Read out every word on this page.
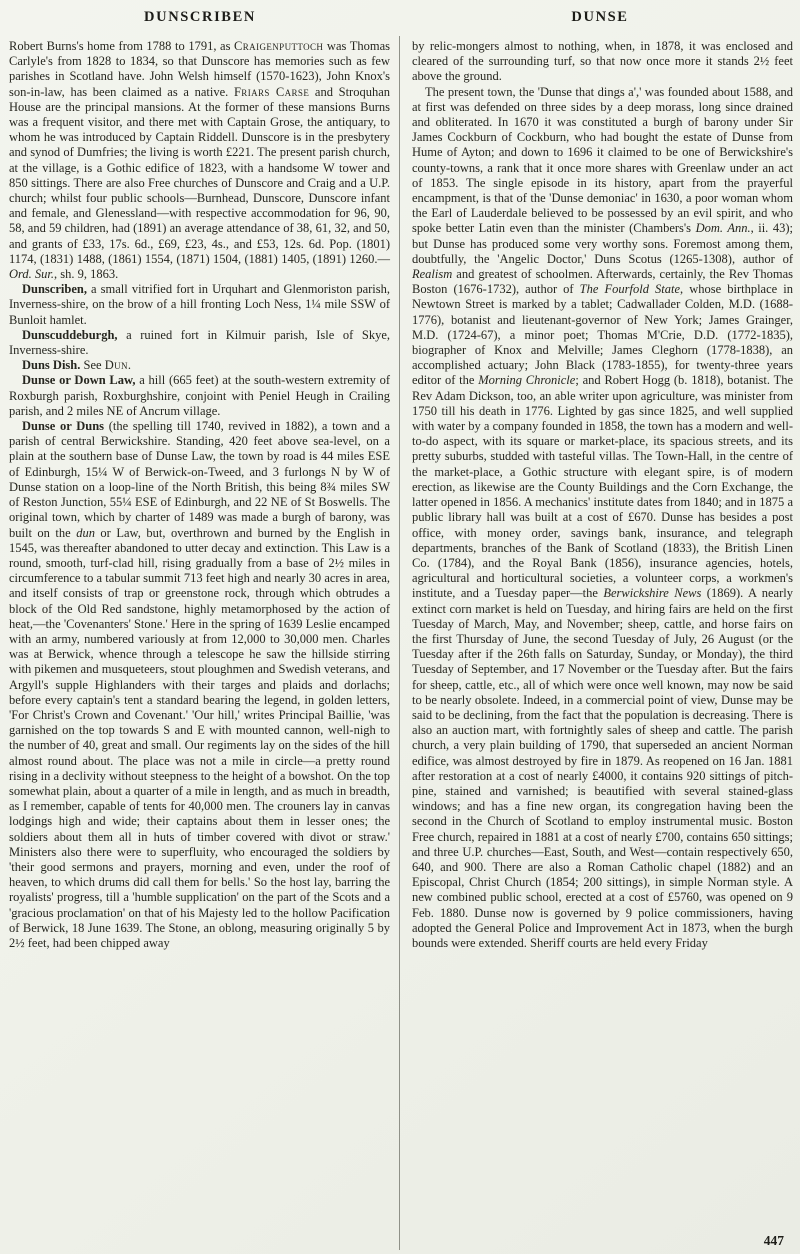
DUNSCRIBEN	DUNSE

Robert Burns's home from 1788 to 1791, as Craigenputtoch was Thomas Carlyle's from 1828 to 1834, so that Dunscore has memories such as few parishes in Scotland have. John Welsh himself (1570-1623), John Knox's son-in-law, has been claimed as a native. Friars Carse and Stroquhan House are the principal mansions. At the former of these mansions Burns was a frequent visitor, and there met with Captain Grose, the antiquary, to whom he was introduced by Captain Riddell. Dunscore is in the presbytery and synod of Dumfries; the living is worth £221. The present parish church, at the village, is a Gothic edifice of 1823, with a handsome W tower and 850 sittings. There are also Free churches of Dunscore and Craig and a U.P. church; whilst four public schools—Burnhead, Dunscore, Dunscore infant and female, and Glenessland—with respective accommodation for 96, 90, 58, and 59 children, had (1891) an average attendance of 38, 61, 32, and 50, and grants of £33, 17s. 6d., £69, £23, 4s., and £53, 12s. 6d. Pop. (1801) 1174, (1831) 1488, (1861) 1554, (1871) 1504, (1881) 1405, (1891) 1260.—Ord. Sur., sh. 9, 1863.

Dunscriben, a small vitrified fort in Urquhart and Glenmoriston parish, Inverness-shire, on the brow of a hill fronting Loch Ness, 1¼ mile SSW of Bunloit hamlet.

Dunscuddeburgh, a ruined fort in Kilmuir parish, Isle of Skye, Inverness-shire.

Duns Dish. See Dun.

Dunse or Down Law, a hill (665 feet) at the south-western extremity of Roxburgh parish, Roxburghshire, conjoint with Peniel Heugh in Crailing parish, and 2 miles NE of Ancrum village.

Dunse or Duns (the spelling till 1740, revived in 1882), a town and a parish of central Berwickshire. Standing, 420 feet above sea-level, on a plain at the southern base of Dunse Law, the town by road is 44 miles ESE of Edinburgh, 15¼ W of Berwick-on-Tweed, and 3 furlongs N by W of Dunse station on a loop-line of the North British, this being 8¾ miles SW of Reston Junction, 55¼ ESE of Edinburgh, and 22 NE of St Boswells. The original town, which by charter of 1489 was made a burgh of barony, was built on the dun or Law, but, overthrown and burned by the English in 1545, was thereafter abandoned to utter decay and extinction. This Law is a round, smooth, turf-clad hill, rising gradually from a base of 2½ miles in circumference to a tabular summit 713 feet high and nearly 30 acres in area, and itself consists of trap or greenstone rock, through which obtrudes a block of the Old Red sandstone, highly metamorphosed by the action of heat,—the 'Covenanters' Stone.' Here in the spring of 1639 Leslie encamped with an army, numbered variously at from 12,000 to 30,000 men. Charles was at Berwick, whence through a telescope he saw the hillside stirring with pikemen and musqueteers, stout ploughmen and Swedish veterans, and Argyll's supple Highlanders with their targes and plaids and dorlachs; before every captain's tent a standard bearing the legend, in golden letters, 'For Christ's Crown and Covenant.' 'Our hill,' writes Principal Baillie, 'was garnished on the top towards S and E with mounted cannon, well-nigh to the number of 40, great and small. Our regiments lay on the sides of the hill almost round about. The place was not a mile in circle—a pretty round rising in a declivity without steepness to the height of a bowshot. On the top somewhat plain, about a quarter of a mile in length, and as much in breadth, as I remember, capable of tents for 40,000 men. The crouners lay in canvas lodgings high and wide; their captains about them in lesser ones; the soldiers about them all in huts of timber covered with divot or straw.' Ministers also there were to superfluity, who encouraged the soldiers by 'their good sermons and prayers, morning and even, under the roof of heaven, to which drums did call them for bells.' So the host lay, barring the royalists' progress, till a 'humble supplication' on the part of the Scots and a 'gracious proclamation' on that of his Majesty led to the hollow Pacification of Berwick, 18 June 1639. The Stone, an oblong, measuring originally 5 by 2½ feet, had been chipped away

by relic-mongers almost to nothing, when, in 1878, it was enclosed and cleared of the surrounding turf, so that now once more it stands 2½ feet above the ground.

The present town, the 'Dunse that dings a',' was founded about 1588, and at first was defended on three sides by a deep morass, long since drained and obliterated. In 1670 it was constituted a burgh of barony under Sir James Cockburn of Cockburn, who had bought the estate of Dunse from Hume of Ayton; and down to 1696 it claimed to be one of Berwickshire's county-towns, a rank that it once more shares with Greenlaw under an act of 1853. The single episode in its history, apart from the prayerful encampment, is that of the 'Dunse demoniac' in 1630, a poor woman whom the Earl of Lauderdale believed to be possessed by an evil spirit, and who spoke better Latin even than the minister (Chambers's Dom. Ann., ii. 43); but Dunse has produced some very worthy sons. Foremost among them, doubtfully, the 'Angelic Doctor,' Duns Scotus (1265-1308), author of Realism and greatest of schoolmen. Afterwards, certainly, the Rev Thomas Boston (1676-1732), author of The Fourfold State, whose birthplace in Newtown Street is marked by a tablet; Cadwallader Colden, M.D. (1688-1776), botanist and lieutenant-governor of New York; James Grainger, M.D. (1724-67), a minor poet; Thomas M'Crie, D.D. (1772-1835), biographer of Knox and Melville; James Cleghorn (1778-1838), an accomplished actuary; John Black (1783-1855), for twenty-three years editor of the Morning Chronicle; and Robert Hogg (b. 1818), botanist. The Rev Adam Dickson, too, an able writer upon agriculture, was minister from 1750 till his death in 1776. Lighted by gas since 1825, and well supplied with water by a company founded in 1858, the town has a modern and well-to-do aspect, with its square or market-place, its spacious streets, and its pretty suburbs, studded with tasteful villas. The Town-Hall, in the centre of the market-place, a Gothic structure with elegant spire, is of modern erection, as likewise are the County Buildings and the Corn Exchange, the latter opened in 1856. A mechanics' institute dates from 1840; and in 1875 a public library hall was built at a cost of £670. Dunse has besides a post office, with money order, savings bank, insurance, and telegraph departments, branches of the Bank of Scotland (1833), the British Linen Co. (1784), and the Royal Bank (1856), insurance agencies, hotels, agricultural and horticultural societies, a volunteer corps, a workmen's institute, and a Tuesday paper—the Berwickshire News (1869). A nearly extinct corn market is held on Tuesday, and hiring fairs are held on the first Tuesday of March, May, and November; sheep, cattle, and horse fairs on the first Thursday of June, the second Tuesday of July, 26 August (or the Tuesday after if the 26th falls on Saturday, Sunday, or Monday), the third Tuesday of September, and 17 November or the Tuesday after. But the fairs for sheep, cattle, etc., all of which were once well known, may now be said to be nearly obsolete. Indeed, in a commercial point of view, Dunse may be said to be declining, from the fact that the population is decreasing. There is also an auction mart, with fortnightly sales of sheep and cattle. The parish church, a very plain building of 1790, that superseded an ancient Norman edifice, was almost destroyed by fire in 1879. As reopened on 16 Jan. 1881 after restoration at a cost of nearly £4000, it contains 920 sittings of pitch-pine, stained and varnished; is beautified with several stained-glass windows; and has a fine new organ, its congregation having been the second in the Church of Scotland to employ instrumental music. Boston Free church, repaired in 1881 at a cost of nearly £700, contains 650 sittings; and three U.P. churches—East, South, and West—contain respectively 650, 640, and 900. There are also a Roman Catholic chapel (1882) and an Episcopal, Christ Church (1854; 200 sittings), in simple Norman style. A new combined public school, erected at a cost of £5760, was opened on 9 Feb. 1880. Dunse now is governed by 9 police commissioners, having adopted the General Police and Improvement Act in 1873, when the burgh bounds were extended. Sheriff courts are held every Friday

447
